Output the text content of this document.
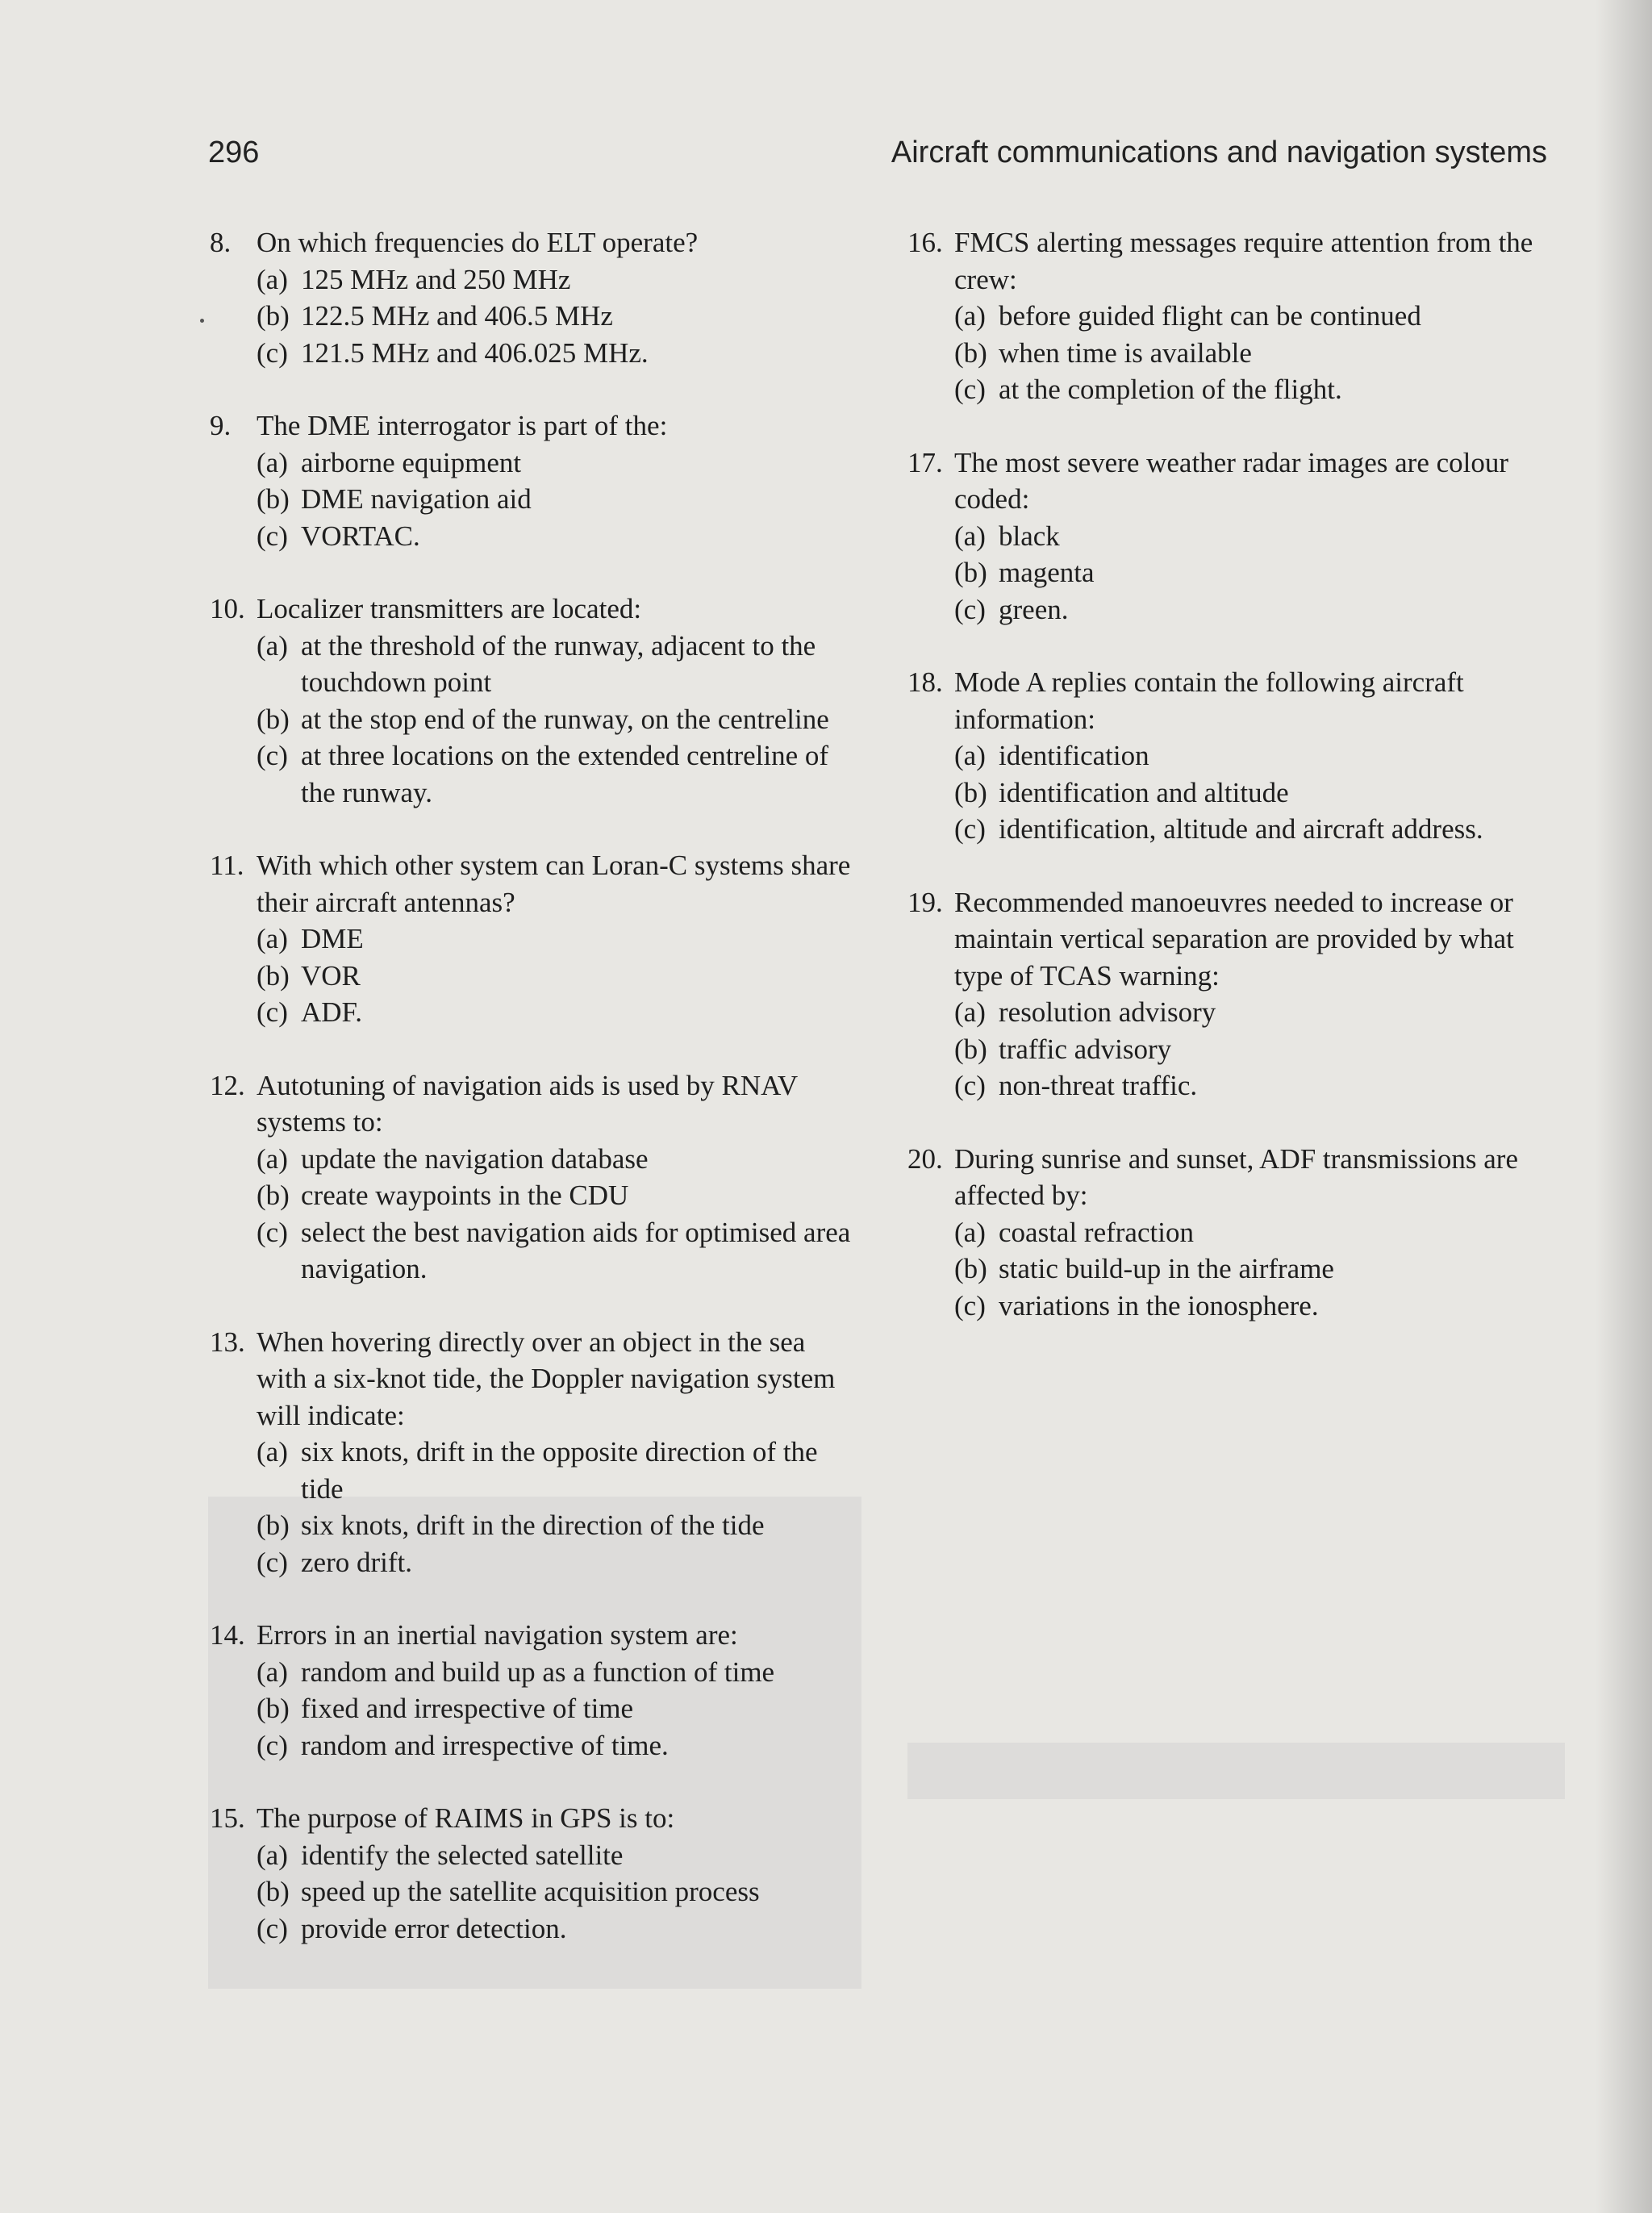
296	Aircraft communications and navigation systems
8. On which frequencies do ELT operate?
(a) 125 MHz and 250 MHz
(b) 122.5 MHz and 406.5 MHz
(c) 121.5 MHz and 406.025 MHz.
9. The DME interrogator is part of the:
(a) airborne equipment
(b) DME navigation aid
(c) VORTAC.
10. Localizer transmitters are located:
(a) at the threshold of the runway, adjacent to the touchdown point
(b) at the stop end of the runway, on the centreline
(c) at three locations on the extended centreline of the runway.
11. With which other system can Loran-C systems share their aircraft antennas?
(a) DME
(b) VOR
(c) ADF.
12. Autotuning of navigation aids is used by RNAV systems to:
(a) update the navigation database
(b) create waypoints in the CDU
(c) select the best navigation aids for optimised area navigation.
13. When hovering directly over an object in the sea with a six-knot tide, the Doppler navigation system will indicate:
(a) six knots, drift in the opposite direction of the tide
(b) six knots, drift in the direction of the tide
(c) zero drift.
14. Errors in an inertial navigation system are:
(a) random and build up as a function of time
(b) fixed and irrespective of time
(c) random and irrespective of time.
15. The purpose of RAIMS in GPS is to:
(a) identify the selected satellite
(b) speed up the satellite acquisition process
(c) provide error detection.
16. FMCS alerting messages require attention from the crew:
(a) before guided flight can be continued
(b) when time is available
(c) at the completion of the flight.
17. The most severe weather radar images are colour coded:
(a) black
(b) magenta
(c) green.
18. Mode A replies contain the following aircraft information:
(a) identification
(b) identification and altitude
(c) identification, altitude and aircraft address.
19. Recommended manoeuvres needed to increase or maintain vertical separation are provided by what type of TCAS warning:
(a) resolution advisory
(b) traffic advisory
(c) non-threat traffic.
20. During sunrise and sunset, ADF transmissions are affected by:
(a) coastal refraction
(b) static build-up in the airframe
(c) variations in the ionosphere.
